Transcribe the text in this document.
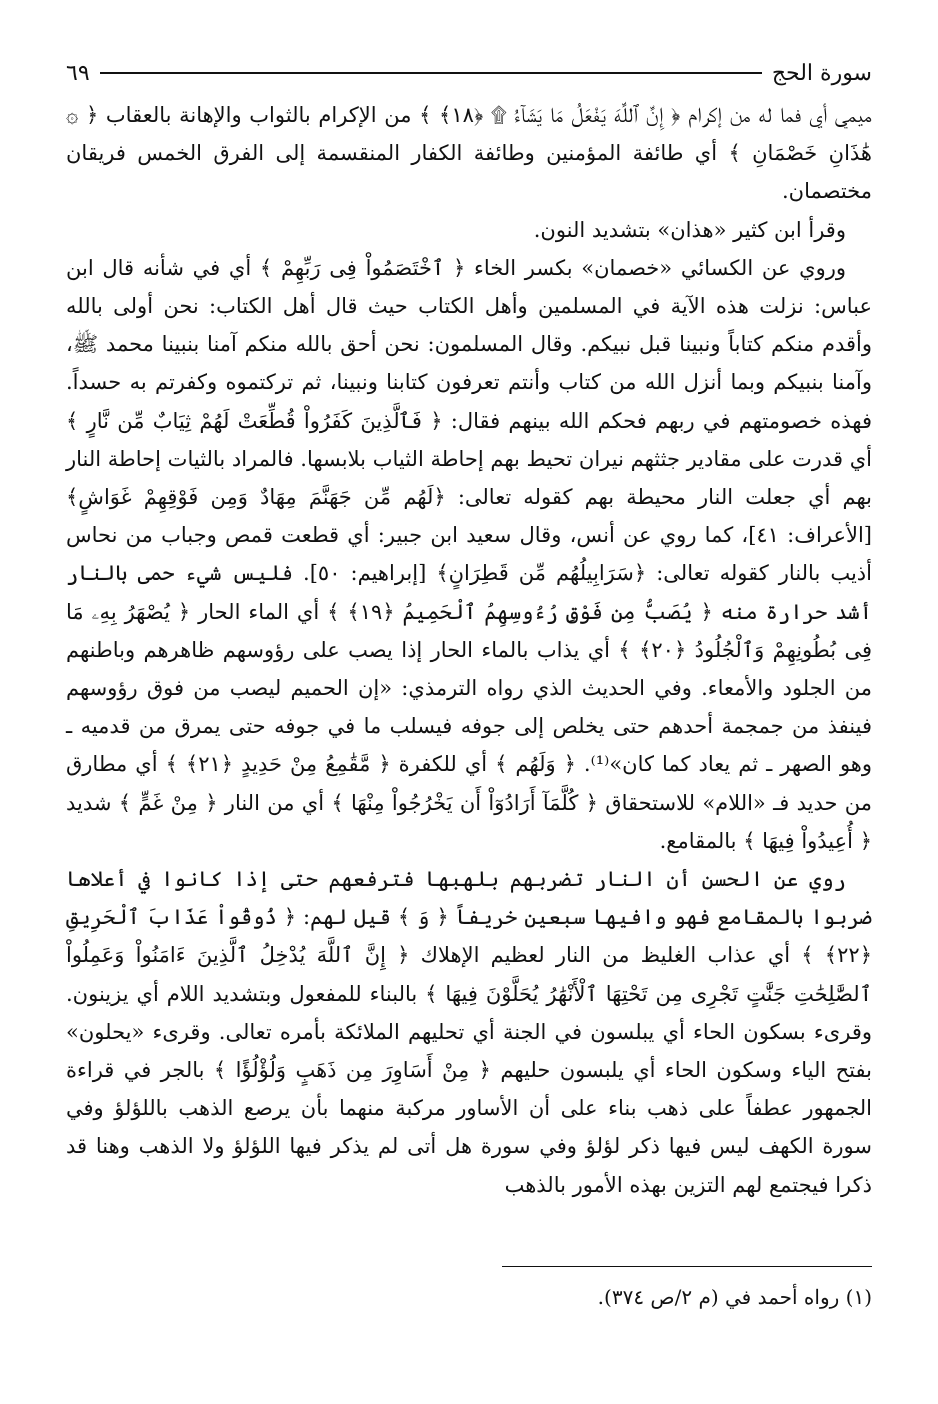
سورة الحج
٦٩

ميمي أي فما له من إكرام ﴿ إِنَّ ٱللَّهَ يَفْعَلُ مَا يَشَآءُ ۩ ﴿١٨﴾ ﴾ من الإكرام بالثواب والإهانة بالعقاب ﴿ ۞ هَٰذَانِ خَصْمَانِ ﴾ أي طائفة المؤمنين وطائفة الكفار المنقسمة إلى الفرق الخمس فريقان مختصمان.

وقرأ ابن كثير «هذان» بتشديد النون.

وروي عن الكسائي «خصمان» بكسر الخاء ﴿ ٱخْتَصَمُواْ فِى رَبِّهِمْ ﴾ أي في شأنه قال ابن عباس: نزلت هذه الآية في المسلمين وأهل الكتاب حيث قال أهل الكتاب: نحن أولى بالله وأقدم منكم كتاباً ونبينا قبل نبيكم. وقال المسلمون: نحن أحق بالله منكم آمنا بنبينا محمد ﷺ، وآمنا بنبيكم وبما أنزل الله من كتاب وأنتم تعرفون كتابنا ونبينا، ثم تركتموه وكفرتم به حسداً. فهذه خصومتهم في ربهم فحكم الله بينهم فقال: ﴿ فَٱلَّذِينَ كَفَرُواْ قُطِّعَتْ لَهُمْ ثِيَابٌ مِّن نَّارٍ ﴾ أي قدرت على مقادير جثثهم نيران تحيط بهم إحاطة الثياب بلابسها. فالمراد بالثيات إحاطة النار بهم أي جعلت النار محيطة بهم كقوله تعالى: ﴿لَهُم مِّن جَهَنَّمَ مِهَادٌ وَمِن فَوْقِهِمْ غَوَاشٍ﴾ [الأعراف: ٤١]، كما روي عن أنس، وقال سعيد ابن جبير: أي قطعت قمص وجباب من نحاس أذيب بالنار كقوله تعالى: ﴿سَرَابِيلُهُم مِّن قَطِرَانٍ﴾ [إبراهيم: ٥٠]. فليس شيء حمى بالنار أشد حرارة منه ﴿ يُصَبُّ مِن فَوْقِ رُءُوسِهِمُ ٱلْحَمِيمُ ﴿١٩﴾ ﴾ أي الماء الحار ﴿ يُصْهَرُ بِهِۦ مَا فِى بُطُونِهِمْ وَٱلْجُلُودُ ﴿٢٠﴾ ﴾ أي يذاب بالماء الحار إذا يصب على رؤوسهم ظاهرهم وباطنهم من الجلود والأمعاء. وفي الحديث الذي رواه الترمذي: «إن الحميم ليصب من فوق رؤوسهم فينفذ من جمجمة أحدهم حتى يخلص إلى جوفه فيسلب ما في جوفه حتى يمرق من قدميه ـ وهو الصهر ـ ثم يعاد كما كان»⁽¹⁾. ﴿ وَلَهُم ﴾ أي للكفرة ﴿ مَّقَٰمِعُ مِنْ حَدِيدٍ ﴿٢١﴾ ﴾ أي مطارق من حديد فـ «اللام» للاستحقاق ﴿ كُلَّمَآ أَرَادُوٓاْ أَن يَخْرُجُواْ مِنْهَا ﴾ أي من النار ﴿ مِنْ غَمٍّ ﴾ شديد ﴿ أُعِيدُواْ فِيهَا ﴾ بالمقامع.

روي عن الحسن أن النار تضربهم بلهبها فترفعهم حتى إذا كانوا في أعلاها ضربوا بالمقامع فهو وافيها سبعين خريفاً ﴿ وَ ﴾ قيل لهم: ﴿ ذُوقُواْ عَذَابَ ٱلْحَرِيقِ ﴿٢٢﴾ ﴾ أي عذاب الغليظ من النار لعظيم الإهلاك ﴿ إِنَّ ٱللَّهَ يُدْخِلُ ٱلَّذِينَ ءَامَنُواْ وَعَمِلُواْ ٱلصَّٰلِحَٰتِ جَنَّٰتٍ تَجْرِى مِن تَحْتِهَا ٱلْأَنْهَٰرُ يُحَلَّوْنَ فِيهَا ﴾ بالبناء للمفعول وبتشديد اللام أي يزينون. وقرىء بسكون الحاء أي يبلسون في الجنة أي تحليهم الملائكة بأمره تعالى. وقرىء «يحلون» بفتح الياء وسكون الحاء أي يلبسون حليهم ﴿ مِنْ أَسَاوِرَ مِن ذَهَبٍ وَلُؤْلُؤًا ﴾ بالجر في قراءة الجمهور عطفاً على ذهب بناء على أن الأساور مركبة منهما بأن يرصع الذهب باللؤلؤ وفي سورة الكهف ليس فيها ذكر لؤلؤ وفي سورة هل أتى لم يذكر فيها اللؤلؤ ولا الذهب وهنا قد ذكرا فيجتمع لهم التزين بهذه الأمور بالذهب

(١) رواه أحمد في (م ٢/ص ٣٧٤).
